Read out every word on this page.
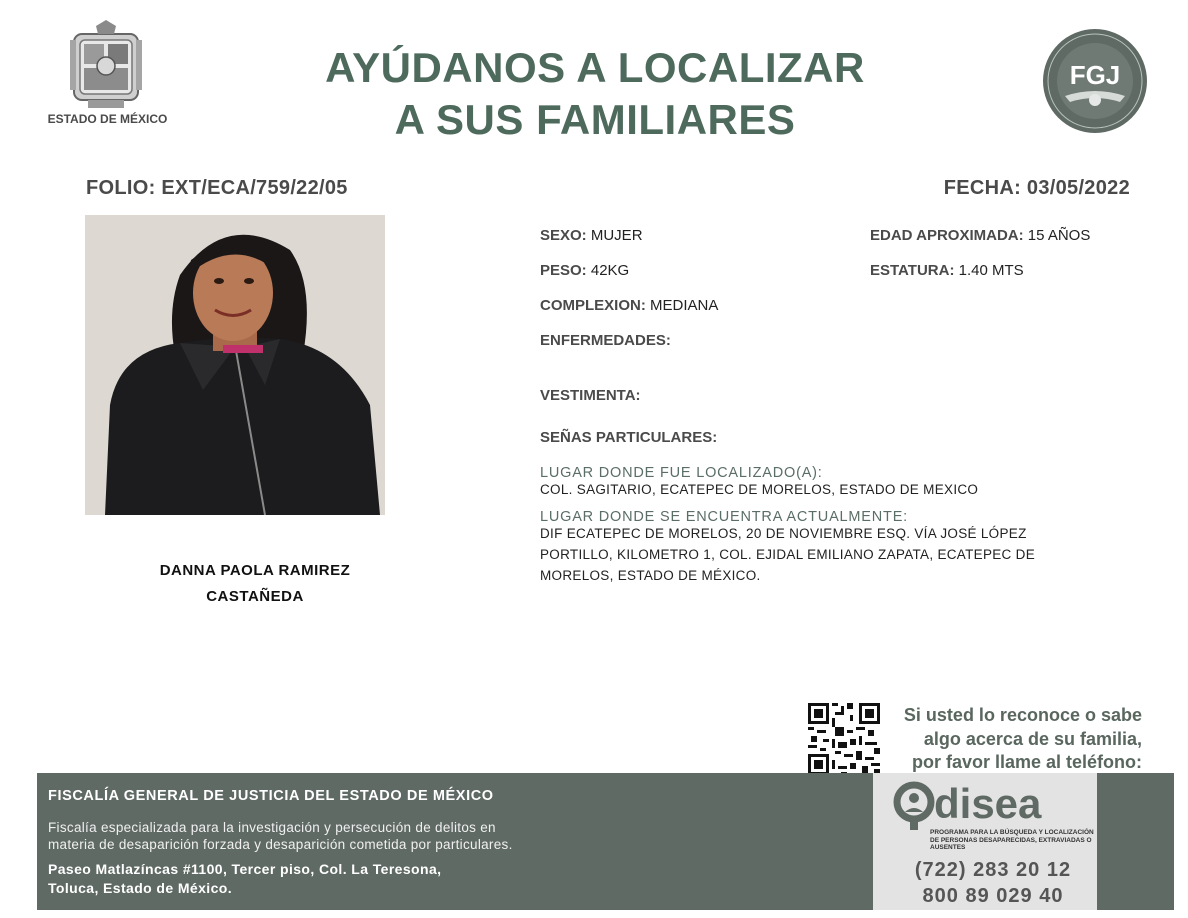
ESTADO DE MÉXICO
AYÚDANOS A LOCALIZAR
A SUS FAMILIARES
FGJ
FOLIO: EXT/ECA/759/22/05	FECHA: 03/05/2022
DANNA PAOLA RAMIREZ
CASTAÑEDA
SEXO: MUJER	EDAD APROXIMADA: 15 AÑOS
PESO: 42KG	ESTATURA: 1.40 MTS
COMPLEXION: MEDIANA
ENFERMEDADES:
VESTIMENTA:
SEÑAS PARTICULARES:
LUGAR DONDE FUE LOCALIZADO(A):
COL. SAGITARIO, ECATEPEC DE MORELOS, ESTADO DE MEXICO
LUGAR DONDE SE ENCUENTRA ACTUALMENTE:
DIF ECATEPEC DE MORELOS, 20 DE NOVIEMBRE ESQ. VÍA JOSÉ LÓPEZ
PORTILLO, KILOMETRO 1, COL. EJIDAL EMILIANO ZAPATA, ECATEPEC DE
MORELOS, ESTADO DE MÉXICO.
Si usted lo reconoce o sabe
algo acerca de su familia,
por favor llame al teléfono:
FISCALÍA GENERAL DE JUSTICIA DEL ESTADO DE MÉXICO
Fiscalía especializada para la investigación y persecución de delitos en
materia de desaparición forzada y desaparición cometida por particulares.
Paseo Matlazíncas #1100, Tercer piso, Col. La Teresona,
Toluca, Estado de México.
disea
PROGRAMA PARA LA BÚSQUEDA Y LOCALIZACIÓN DE PERSONAS DESAPARECIDAS, EXTRAVIADAS O AUSENTES
(722) 283 20 12
800 89 029 40
